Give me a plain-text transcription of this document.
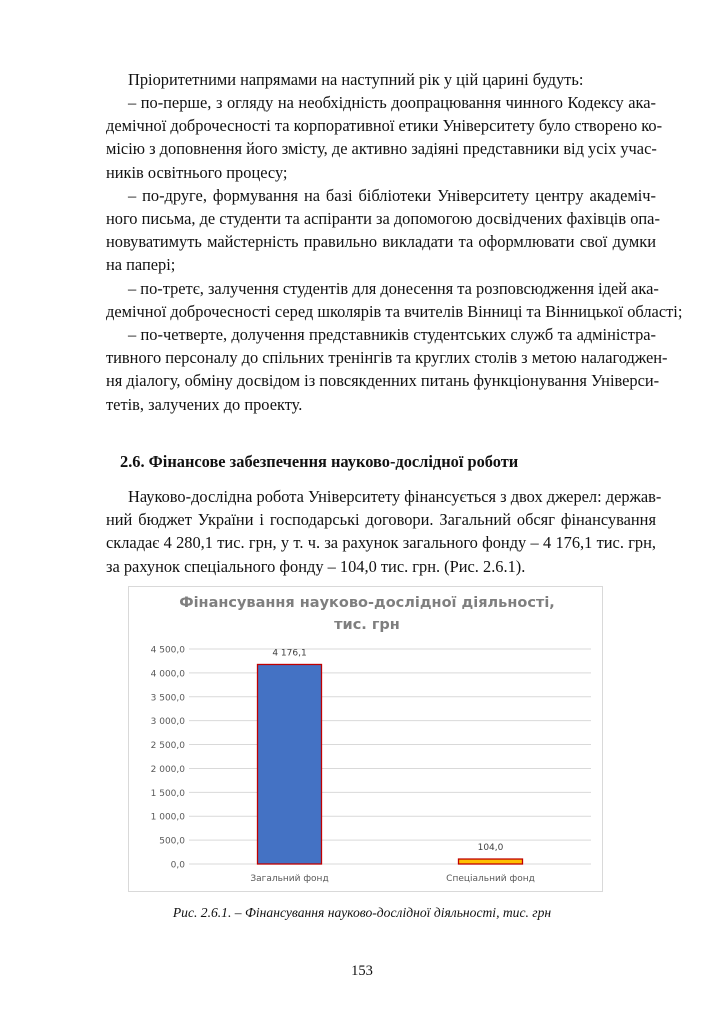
Пріоритетними напрямами на наступний рік у цій царині будуть:

– по-перше, з огляду на необхідність доопрацювання чинного Кодексу ака-
демічної доброчесності та корпоративної етики Університету було створено ко-
місію з доповнення його змісту, де активно задіяні представники від усіх учас-
ників освітнього процесу;
– по-друге, формування на базі бібліотеки Університету центру академіч-
ного письма, де студенти та аспіранти за допомогою досвідчених фахівців опа-
новуватимуть майстерність правильно викладати та оформлювати свої думки
на папері;
– по-третє, залучення студентів для донесення та розповсюдження ідей ака-
демічної доброчесності серед школярів та вчителів Вінниці та Вінницької області;
– по-четверте, долучення представників студентських служб та адміністра-
тивного персоналу до спільних тренінгів та круглих столів з метою налагоджен-
ня діалогу, обміну досвідом із повсякденних питань функціонування Універси-
тетів, залучених до проекту.
2.6. Фінансове забезпечення науково-дослідної роботи
Науково-дослідна робота Університету фінансується з двох джерел: держав-
ний бюджет України і господарські договори. Загальний обсяг фінансування
складає 4 280,1 тис. грн, у т. ч. за рахунок загального фонду – 4 176,1 тис. грн,
за рахунок спеціального фонду – 104,0 тис. грн. (Рис. 2.6.1).
Фінансування науково-дослідної діяльності,
тис. грн
0,0
500,0
1 000,0
1 500,0
2 000,0
2 500,0
3 000,0
3 500,0
4 000,0
4 500,0	4 176,1
Загальний фонд
104,0
Спеціальний фонд
Рис. 2.6.1. – Фінансування науково-дослідної діяльності, тис. грн
153
